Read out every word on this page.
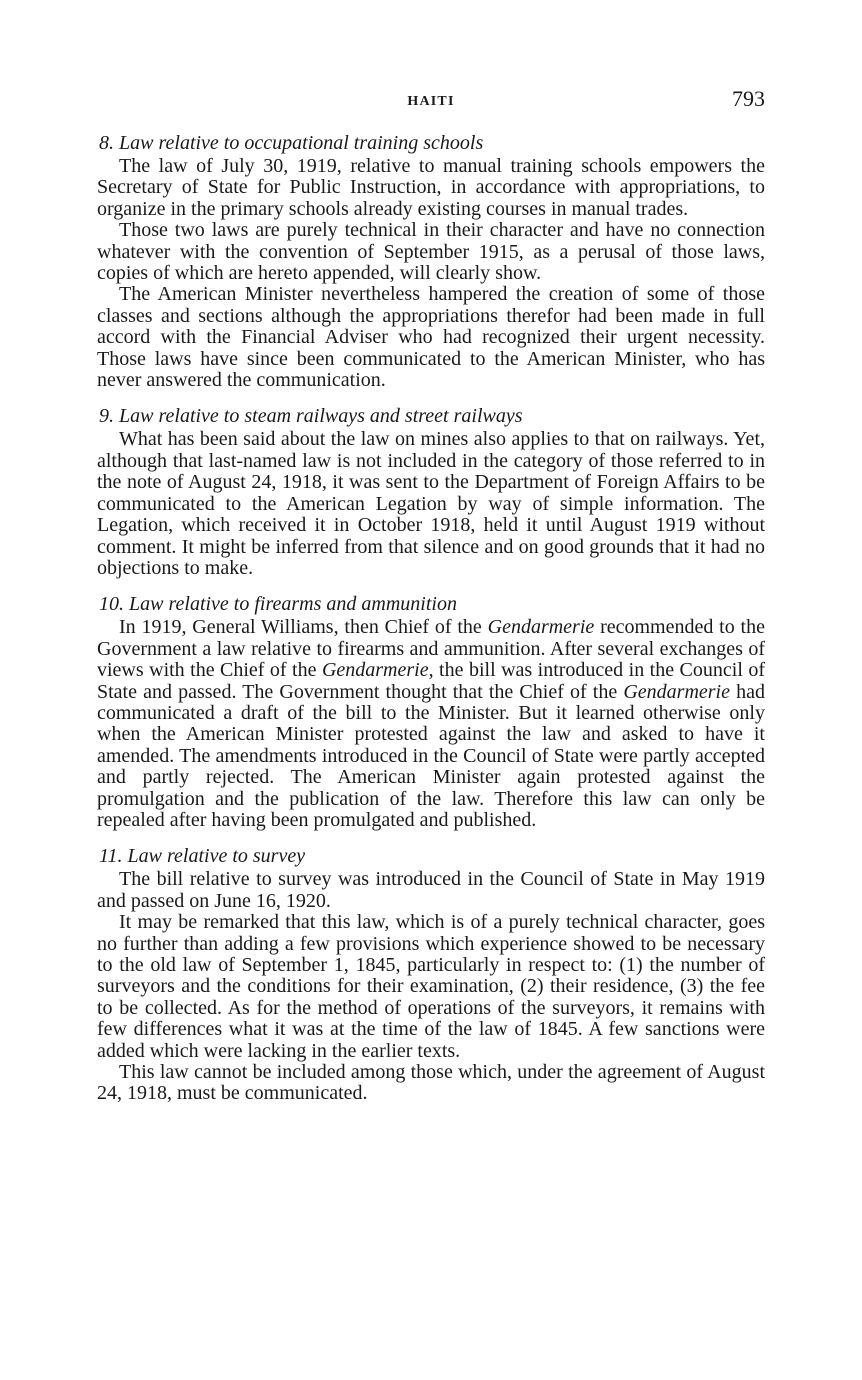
HAITI	793

8. Law relative to occupational training schools

The law of July 30, 1919, relative to manual training schools empowers the Secretary of State for Public Instruction, in accordance with appropriations, to organize in the primary schools already existing courses in manual trades.

Those two laws are purely technical in their character and have no connection whatever with the convention of September 1915, as a perusal of those laws, copies of which are hereto appended, will clearly show.

The American Minister nevertheless hampered the creation of some of those classes and sections although the appropriations therefor had been made in full accord with the Financial Adviser who had recognized their urgent necessity. Those laws have since been communicated to the American Minister, who has never answered the communication.

9. Law relative to steam railways and street railways

What has been said about the law on mines also applies to that on railways. Yet, although that last-named law is not included in the category of those referred to in the note of August 24, 1918, it was sent to the Department of Foreign Affairs to be communicated to the American Legation by way of simple information. The Legation, which received it in October 1918, held it until August 1919 without comment. It might be inferred from that silence and on good grounds that it had no objections to make.

10. Law relative to firearms and ammunition

In 1919, General Williams, then Chief of the Gendarmerie recommended to the Government a law relative to firearms and ammunition. After several exchanges of views with the Chief of the Gendarmerie, the bill was introduced in the Council of State and passed. The Government thought that the Chief of the Gendarmerie had communicated a draft of the bill to the Minister. But it learned otherwise only when the American Minister protested against the law and asked to have it amended. The amendments introduced in the Council of State were partly accepted and partly rejected. The American Minister again protested against the promulgation and the publication of the law. Therefore this law can only be repealed after having been promulgated and published.

11. Law relative to survey

The bill relative to survey was introduced in the Council of State in May 1919 and passed on June 16, 1920.

It may be remarked that this law, which is of a purely technical character, goes no further than adding a few provisions which experience showed to be necessary to the old law of September 1, 1845, particularly in respect to: (1) the number of surveyors and the conditions for their examination, (2) their residence, (3) the fee to be collected. As for the method of operations of the surveyors, it remains with few differences what it was at the time of the law of 1845. A few sanctions were added which were lacking in the earlier texts.

This law cannot be included among those which, under the agreement of August 24, 1918, must be communicated.
